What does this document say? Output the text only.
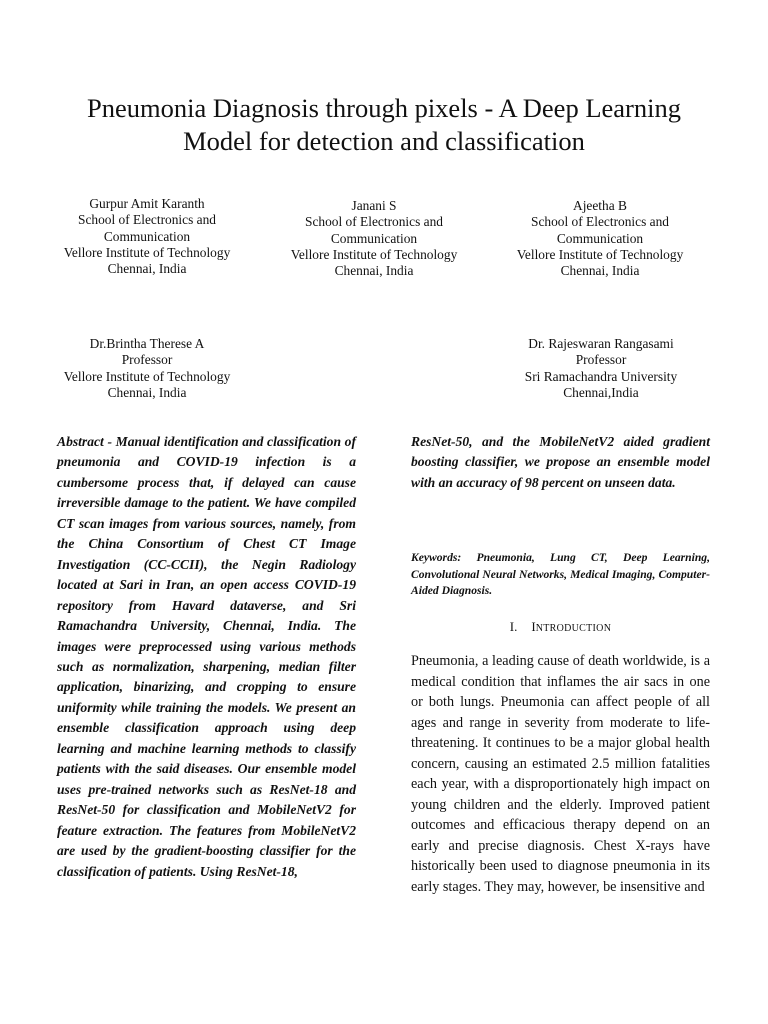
Pneumonia Diagnosis through pixels - A Deep Learning Model for detection and classification
Gurpur Amit Karanth
School of Electronics and
Communication
Vellore Institute of Technology
Chennai, India
Janani S
School of Electronics and
Communication
Vellore Institute of Technology
Chennai, India
Ajeetha B
School of Electronics and
Communication
Vellore Institute of Technology
Chennai, India
Dr.Brintha Therese A
Professor
Vellore Institute of Technology
Chennai, India
Dr. Rajeswaran Rangasami
Professor
Sri Ramachandra University
Chennai,India
Abstract - Manual identification and classification of pneumonia and COVID-19 infection is a cumbersome process that, if delayed can cause irreversible damage to the patient. We have compiled CT scan images from various sources, namely, from the China Consortium of Chest CT Image Investigation (CC-CCII), the Negin Radiology located at Sari in Iran, an open access COVID-19 repository from Havard dataverse, and Sri Ramachandra University, Chennai, India. The images were preprocessed using various methods such as normalization, sharpening, median filter application, binarizing, and cropping to ensure uniformity while training the models. We present an ensemble classification approach using deep learning and machine learning methods to classify patients with the said diseases. Our ensemble model uses pre-trained networks such as ResNet-18 and ResNet-50 for classification and MobileNetV2 for feature extraction. The features from MobileNetV2 are used by the gradient-boosting classifier for the classification of patients. Using ResNet-18,
ResNet-50, and the MobileNetV2 aided gradient boosting classifier, we propose an ensemble model with an accuracy of 98 percent on unseen data.
Keywords: Pneumonia, Lung CT, Deep Learning, Convolutional Neural Networks, Medical Imaging, Computer-Aided Diagnosis.
I. INTRODUCTION
Pneumonia, a leading cause of death worldwide, is a medical condition that inflames the air sacs in one or both lungs. Pneumonia can affect people of all ages and range in severity from moderate to life-threatening. It continues to be a major global health concern, causing an estimated 2.5 million fatalities each year, with a disproportionately high impact on young children and the elderly. Improved patient outcomes and efficacious therapy depend on an early and precise diagnosis. Chest X-rays have historically been used to diagnose pneumonia in its early stages. They may, however, be insensitive and
